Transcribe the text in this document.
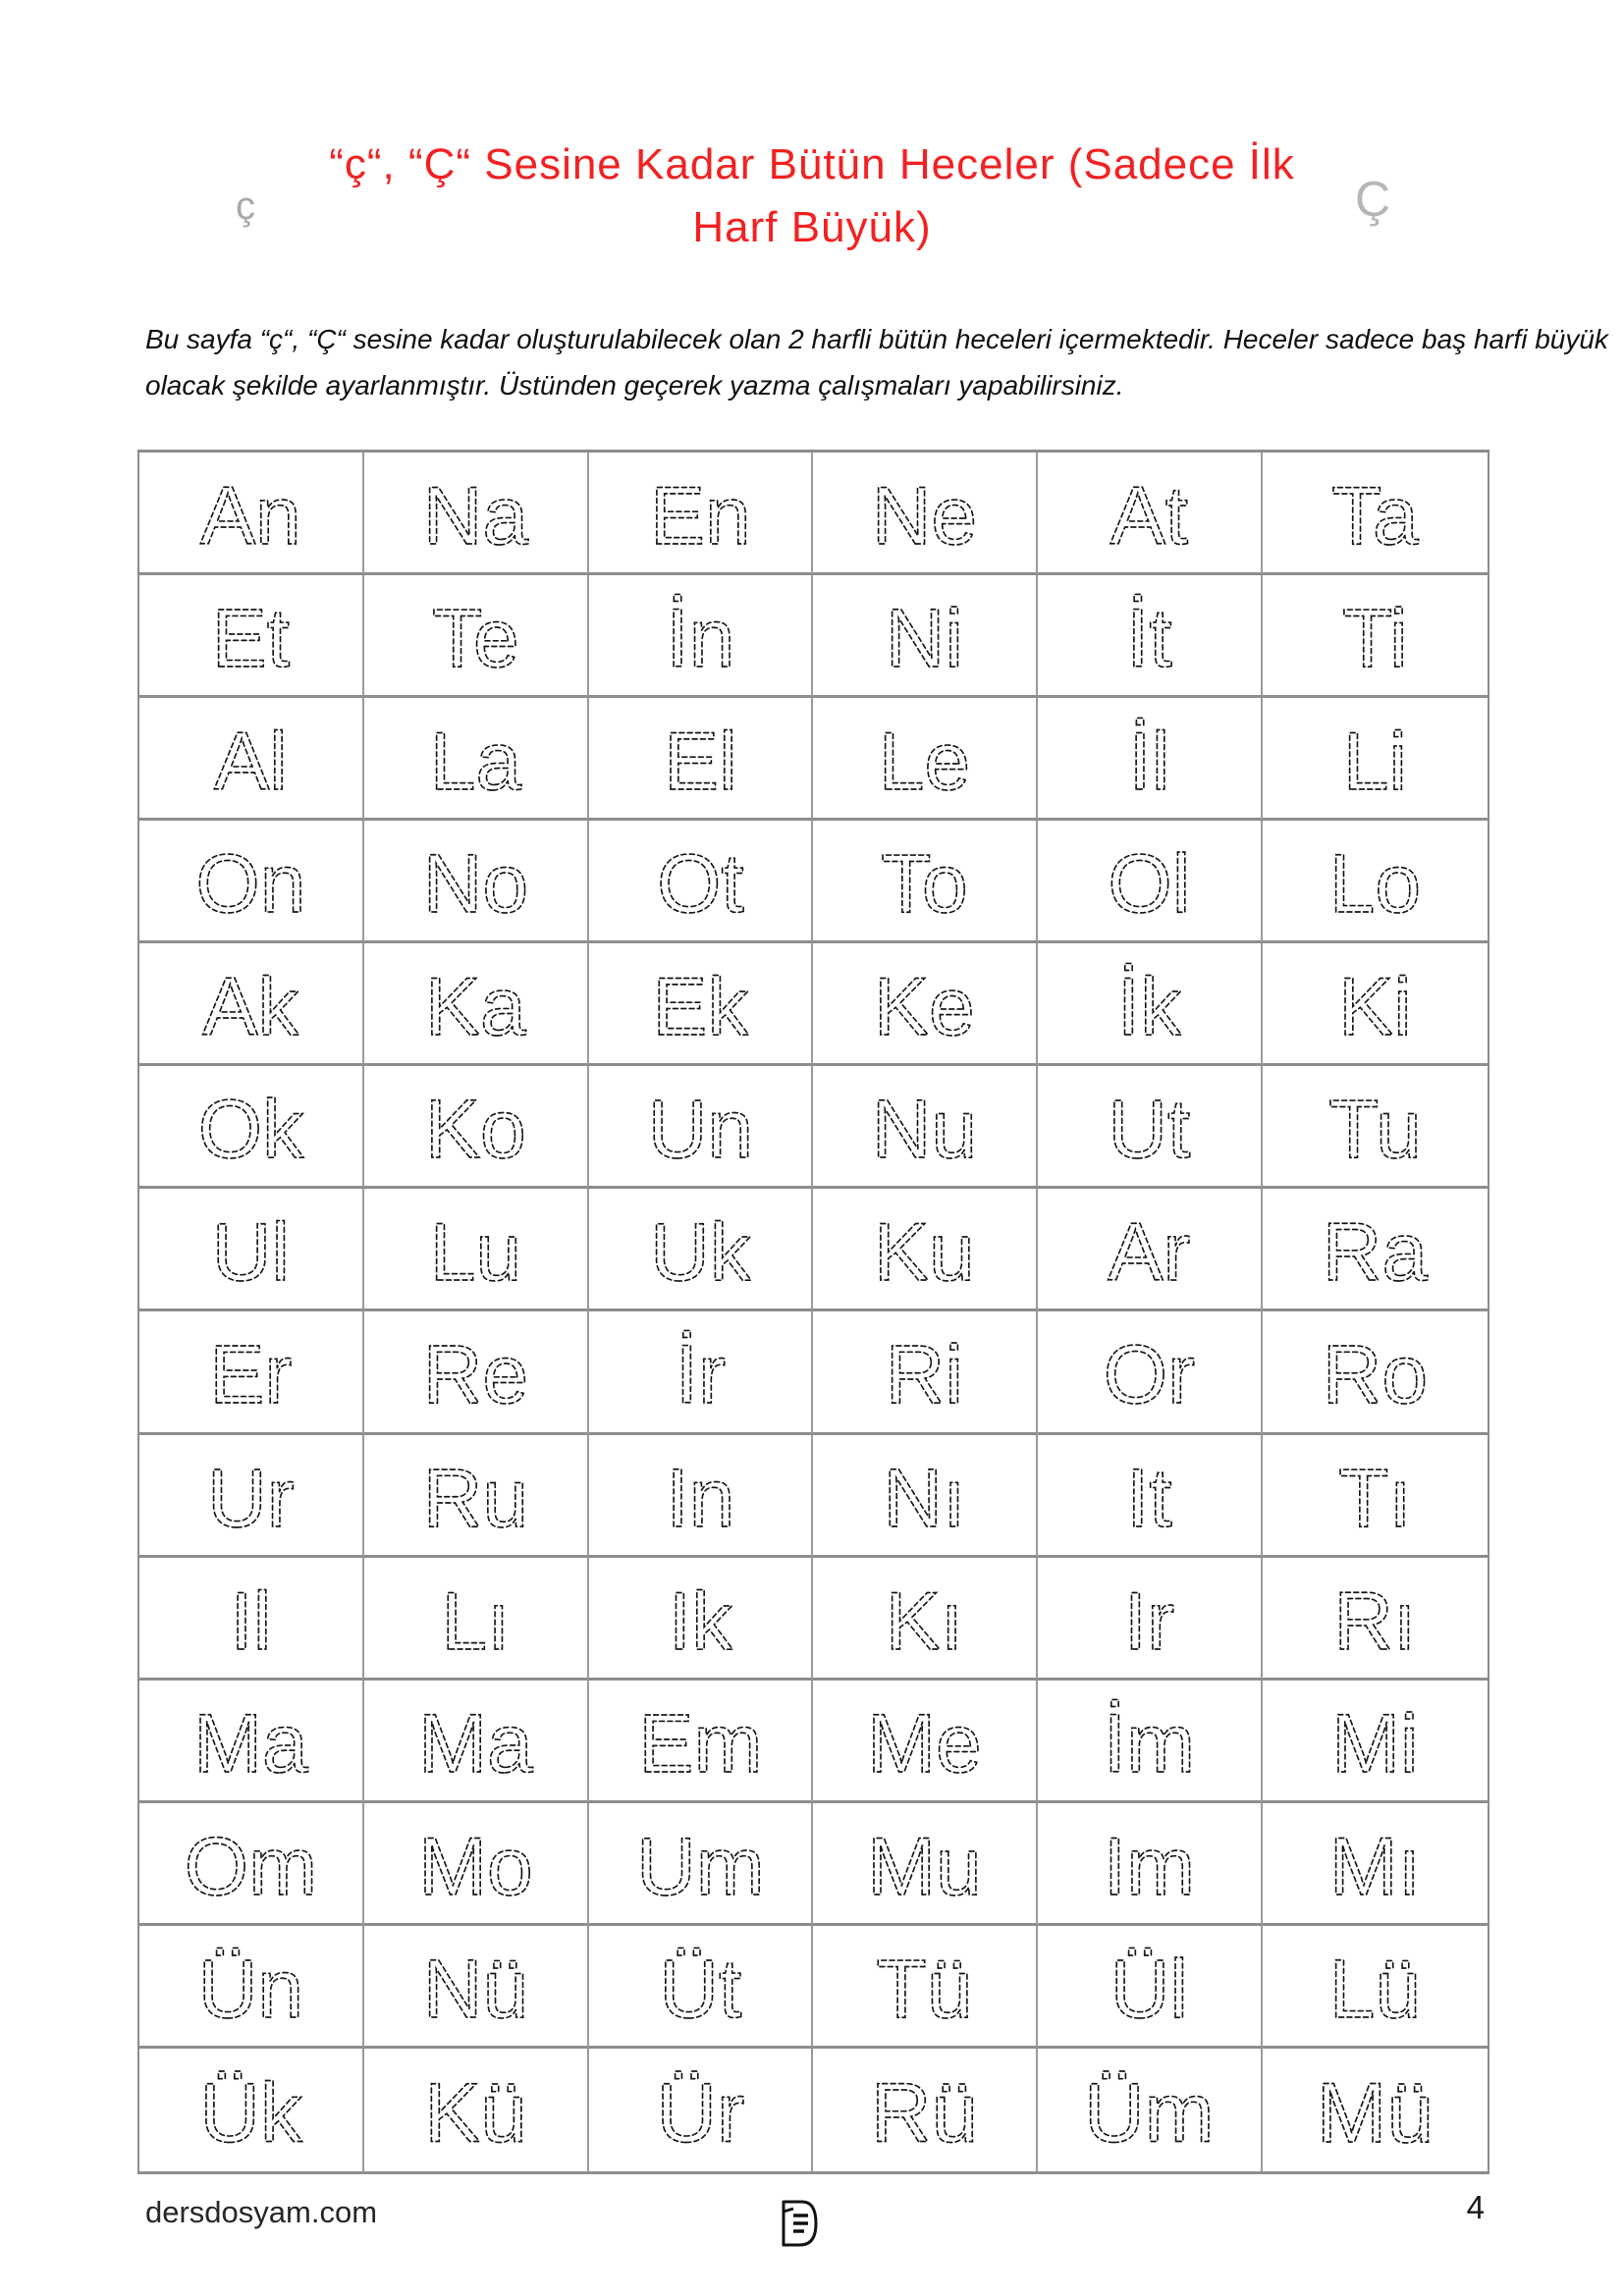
“ç“, “Ç“ Sesine Kadar Bütün Heceler (Sadece İlk
Harf Büyük)
ç	Ç
Bu sayfa “ç“, “Ç“ sesine kadar oluşturulabilecek olan 2 harfli bütün heceleri içermektedir. Heceler sadece baş harfi büyük
olacak şekilde ayarlanmıştır. Üstünden geçerek yazma çalışmaları yapabilirsiniz.
An Na En Ne At Ta
Et Te İn Ni İt Ti
Al La El Le İl Li
On No Ot To Ol Lo
Ak Ka Ek Ke İk Ki
Ok Ko Un Nu Ut Tu
Ul Lu Uk Ku Ar Ra
Er Re İr Ri Or Ro
Ur Ru In Nı It Tı
Il Lı Ik Kı Ir Rı
Ma Ma Em Me İm Mi
Om Mo Um Mu Im Mı
Ün Nü Üt Tü Ül Lü
Ük Kü Ür Rü Üm Mü
dersdosyam.com	4
